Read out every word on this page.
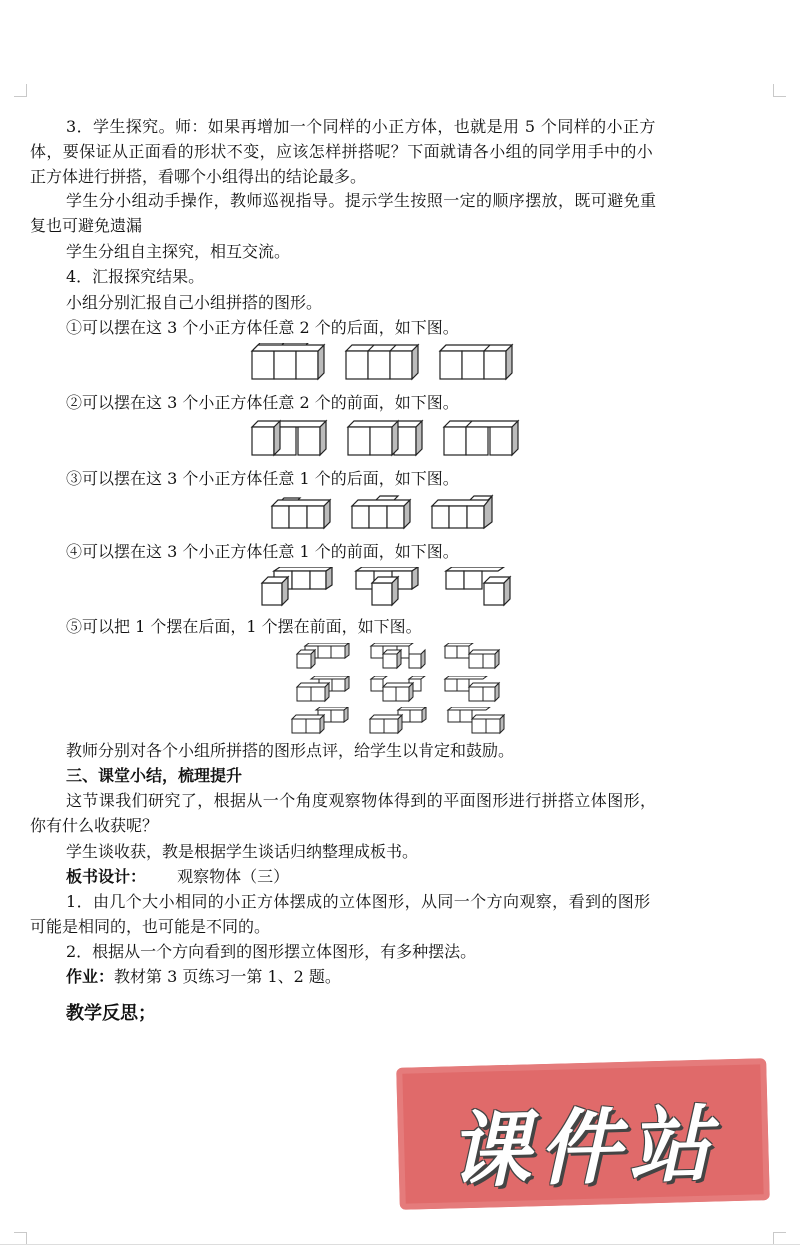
3．学生探究。师：如果再增加一个同样的小正方体，也就是用 5 个同样的小正方
体，要保证从正面看的形状不变，应该怎样拼搭呢？下面就请各小组的同学用手中的小
正方体进行拼搭，看哪个小组得出的结论最多。
学生分小组动手操作，教师巡视指导。提示学生按照一定的顺序摆放，既可避免重
复也可避免遗漏
学生分组自主探究，相互交流。
4．汇报探究结果。
小组分别汇报自己小组拼搭的图形。
①可以摆在这 3 个小正方体任意 2 个的后面，如下图。
②可以摆在这 3 个小正方体任意 2 个的前面，如下图。
③可以摆在这 3 个小正方体任意 1 个的后面，如下图。
④可以摆在这 3 个小正方体任意 1 个的前面，如下图。
⑤可以把 1 个摆在后面，1 个摆在前面，如下图。
教师分别对各个小组所拼搭的图形点评，给学生以肯定和鼓励。
三、课堂小结，梳理提升
这节课我们研究了，根据从一个角度观察物体得到的平面图形进行拼搭立体图形，
你有什么收获呢？
学生谈收获，教是根据学生谈话归纳整理成板书。
板书设计： 观察物体（三）
1．由几个大小相同的小正方体摆成的立体图形，从同一个方向观察，看到的图形
可能是相同的，也可能是不同的。
2．根据从一个方向看到的图形摆立体图形，有多种摆法。
作业：教材第 3 页练习一第 1、2 题。
教学反思；
课件站
